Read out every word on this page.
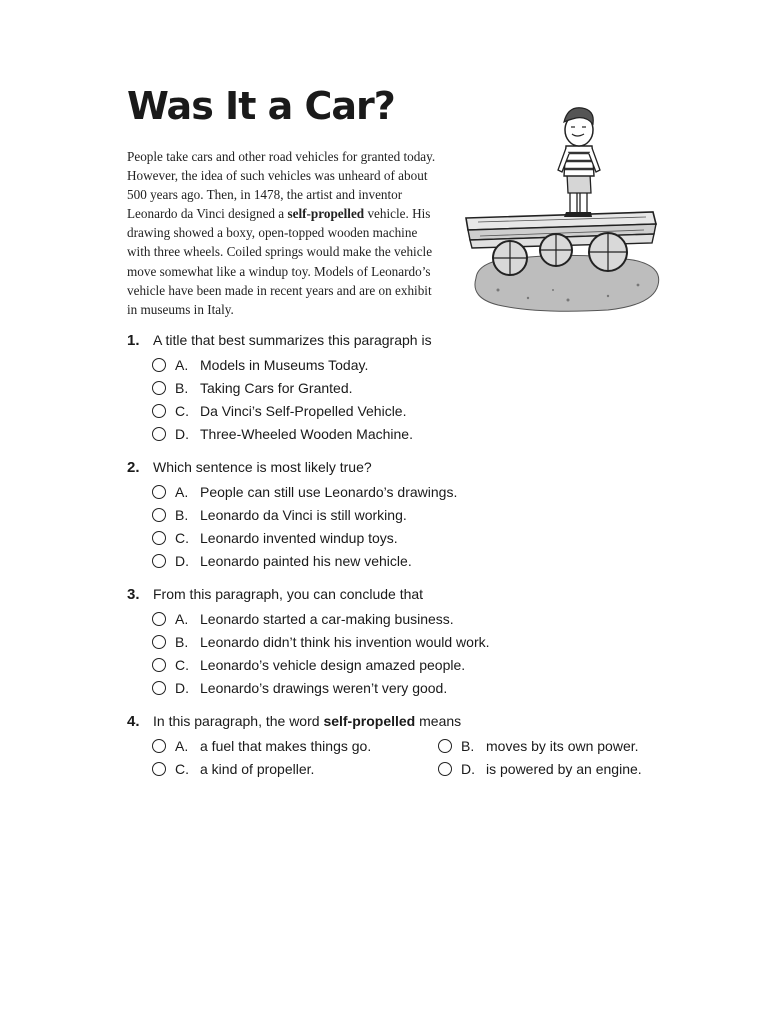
Was It a Car?

People take cars and other road vehicles for granted today. However, the idea of such vehicles was unheard of about 500 years ago. Then, in 1478, the artist and inventor Leonardo da Vinci designed a self-propelled vehicle. His drawing showed a boxy, open-topped wooden machine with three wheels. Coiled springs would make the vehicle move somewhat like a windup toy. Models of Leonardo’s vehicle have been made in recent years and are on exhibit in museums in Italy.

1. A title that best summarizes this paragraph is
A. Models in Museums Today.
B. Taking Cars for Granted.
C. Da Vinci’s Self-Propelled Vehicle.
D. Three-Wheeled Wooden Machine.
2. Which sentence is most likely true?
A. People can still use Leonardo’s drawings.
B. Leonardo da Vinci is still working.
C. Leonardo invented windup toys.
D. Leonardo painted his new vehicle.
3. From this paragraph, you can conclude that
A. Leonardo started a car-making business.
B. Leonardo didn’t think his invention would work.
C. Leonardo’s vehicle design amazed people.
D. Leonardo’s drawings weren’t very good.
4. In this paragraph, the word self-propelled means
A. a fuel that makes things go.	B. moves by its own power.
C. a kind of propeller.	D. is powered by an engine.
